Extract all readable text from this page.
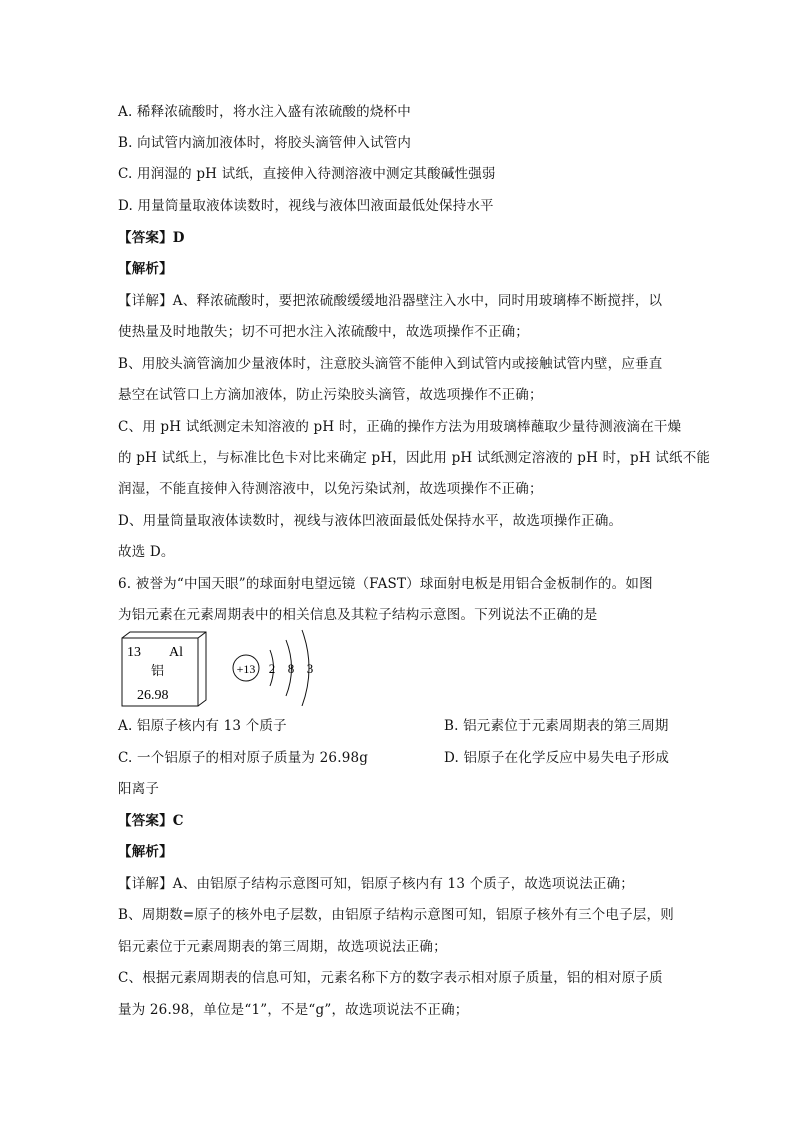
A. 稀释浓硫酸时，将水注入盛有浓硫酸的烧杯中
B. 向试管内滴加液体时，将胶头滴管伸入试管内
C. 用润湿的 pH 试纸，直接伸入待测溶液中测定其酸碱性强弱
D. 用量筒量取液体读数时，视线与液体凹液面最低处保持水平
【答案】D
【解析】
【详解】A、释浓硫酸时，要把浓硫酸缓缓地沿器壁注入水中，同时用玻璃棒不断搅拌，以
使热量及时地散失；切不可把水注入浓硫酸中，故选项操作不正确；
B、用胶头滴管滴加少量液体时，注意胶头滴管不能伸入到试管内或接触试管内壁，应垂直
悬空在试管口上方滴加液体，防止污染胶头滴管，故选项操作不正确；
C、用 pH 试纸测定未知溶液的 pH 时，正确的操作方法为用玻璃棒蘸取少量待测液滴在干燥
的 pH 试纸上，与标准比色卡对比来确定 pH，因此用 pH 试纸测定溶液的 pH 时，pH 试纸不能
润湿，不能直接伸入待测溶液中，以免污染试剂，故选项操作不正确；
D、用量筒量取液体读数时，视线与液体凹液面最低处保持水平，故选项操作正确。
故选 D。
6. 被誉为“中国天眼”的球面射电望远镜（FAST）球面射电板是用铝合金板制作的。如图
为铝元素在元素周期表中的相关信息及其粒子结构示意图。下列说法不正确的是
13 Al
铝
26.98
+13 2 8 3
A. 铝原子核内有 13 个质子	B. 铝元素位于元素周期表的第三周期
C. 一个铝原子的相对原子质量为 26.98g	D. 铝原子在化学反应中易失电子形成
阳离子
【答案】C
【解析】
【详解】A、由铝原子结构示意图可知，铝原子核内有 13 个质子，故选项说法正确；
B、周期数=原子的核外电子层数，由铝原子结构示意图可知，铝原子核外有三个电子层，则
铝元素位于元素周期表的第三周期，故选项说法正确；
C、根据元素周期表的信息可知，元素名称下方的数字表示相对原子质量，铝的相对原子质
量为 26.98，单位是“1”，不是“g”，故选项说法不正确；
